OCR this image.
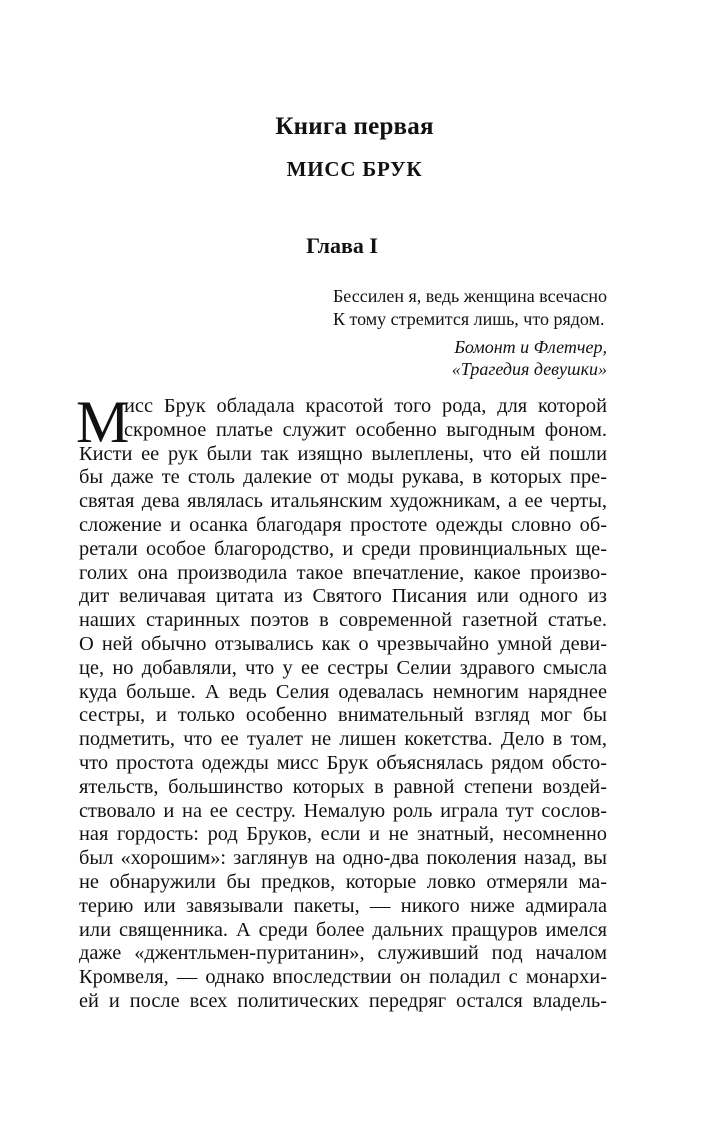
Книга первая
МИСС БРУК
Глава I
Бессилен я, ведь женщина всечасно
К тому стремится лишь, что рядом.
Бомонт и Флетчер,
«Трагедия девушки»
М
исс Брук обладала красотой того рода, для которой
скромное платье служит особенно выгодным фоном.
Кисти ее рук были так изящно вылеплены, что ей пошли
бы даже те столь далекие от моды рукава, в которых пре-
святая дева являлась итальянским художникам, а ее черты,
сложение и осанка благодаря простоте одежды словно об-
ретали особое благородство, и среди провинциальных ще-
голих она производила такое впечатление, какое произво-
дит величавая цитата из Святого Писания или одного из
наших старинных поэтов в современной газетной статье.
О ней обычно отзывались как о чрезвычайно умной деви-
це, но добавляли, что у ее сестры Селии здравого смысла
куда больше. А ведь Селия одевалась немногим наряднее
сестры, и только особенно внимательный взгляд мог бы
подметить, что ее туалет не лишен кокетства. Дело в том,
что простота одежды мисс Брук объяснялась рядом обсто-
ятельств, большинство которых в равной степени воздей-
ствовало и на ее сестру. Немалую роль играла тут сослов-
ная гордость: род Бруков, если и не знатный, несомненно
был «хорошим»: заглянув на одно-два поколения назад, вы
не обнаружили бы предков, которые ловко отмеряли ма-
терию или завязывали пакеты, — никого ниже адмирала
или священника. А среди более дальних пращуров имелся
даже «джентльмен-пуританин», служивший под началом
Кромвеля, — однако впоследствии он поладил с монархи-
ей и после всех политических передряг остался владель-
